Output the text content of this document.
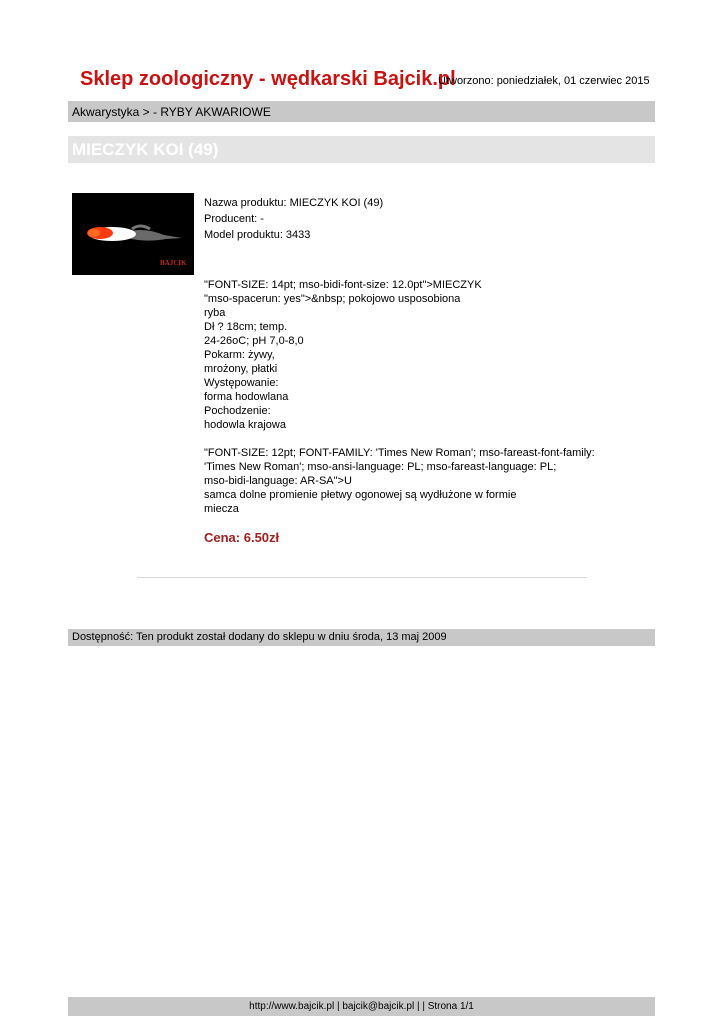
Sklep zoologiczny - wędkarski Bajcik.pl
Utworzono: poniedziałek, 01 czerwiec 2015
Akwarystyka > - RYBY AKWARIOWE
MIECZYK KOI (49)
BAJCIK
Nazwa produktu: MIECZYK KOI (49)
Producent: -
Model produktu: 3433
"FONT-SIZE: 14pt; mso-bidi-font-size: 12.0pt">MIECZYK
"mso-spacerun: yes">&nbsp; pokojowo usposobiona
ryba
Dł ? 18cm; temp.
24-26oC; pH 7,0-8,0
Pokarm: żywy,
mrożony, płatki
Występowanie:
forma hodowlana
Pochodzenie:
hodowla krajowa
"FONT-SIZE: 12pt; FONT-FAMILY: 'Times New Roman'; mso-fareast-font-family:
'Times New Roman'; mso-ansi-language: PL; mso-fareast-language: PL;
mso-bidi-language: AR-SA">U
samca dolne promienie płetwy ogonowej są wydłużone w formie
miecza
Cena: 6.50zł
Dostępność: Ten produkt został dodany do sklepu w dniu środa, 13 maj 2009
http://www.bajcik.pl | bajcik@bajcik.pl | | Strona 1/1
